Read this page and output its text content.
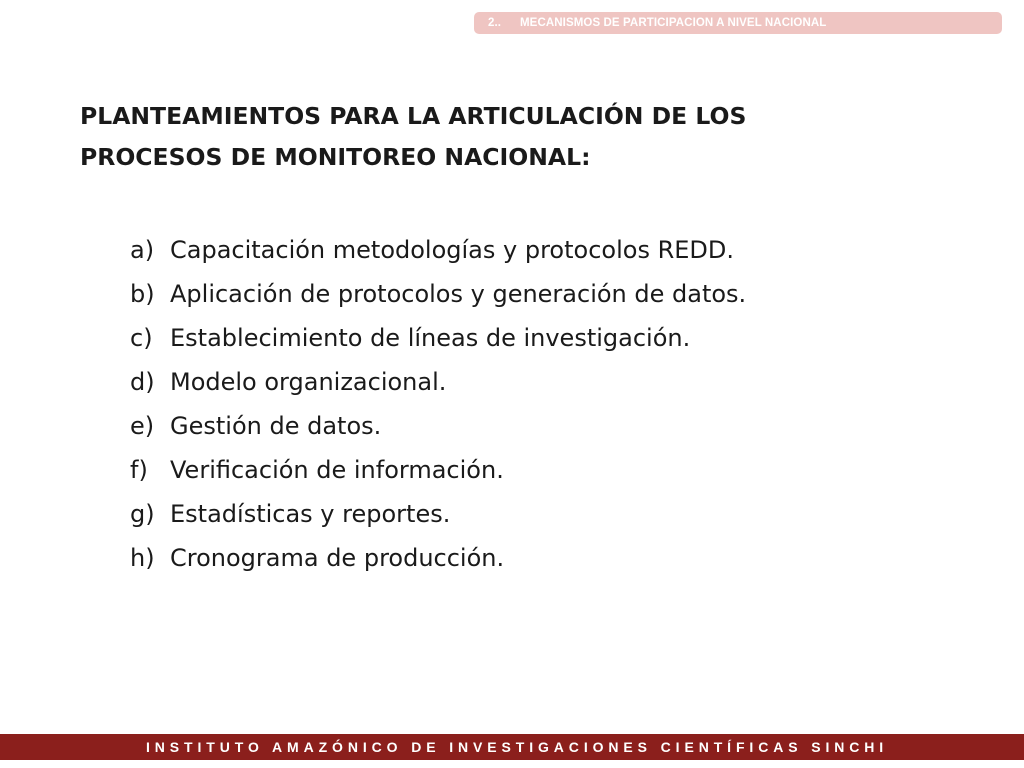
2.. MECANISMOS DE PARTICIPACION A NIVEL NACIONAL
PLANTEAMIENTOS PARA LA ARTICULACIÓN DE LOS
PROCESOS DE MONITOREO NACIONAL:
a) Capacitación metodologías y protocolos REDD.
b) Aplicación de protocolos y generación de datos.
c) Establecimiento de líneas de investigación.
d) Modelo organizacional.
e) Gestión de datos.
f) Verificación de información.
g) Estadísticas y reportes.
h) Cronograma de producción.
INSTITUTO AMAZÓNICO DE INVESTIGACIONES CIENTÍFICAS SINCHI
